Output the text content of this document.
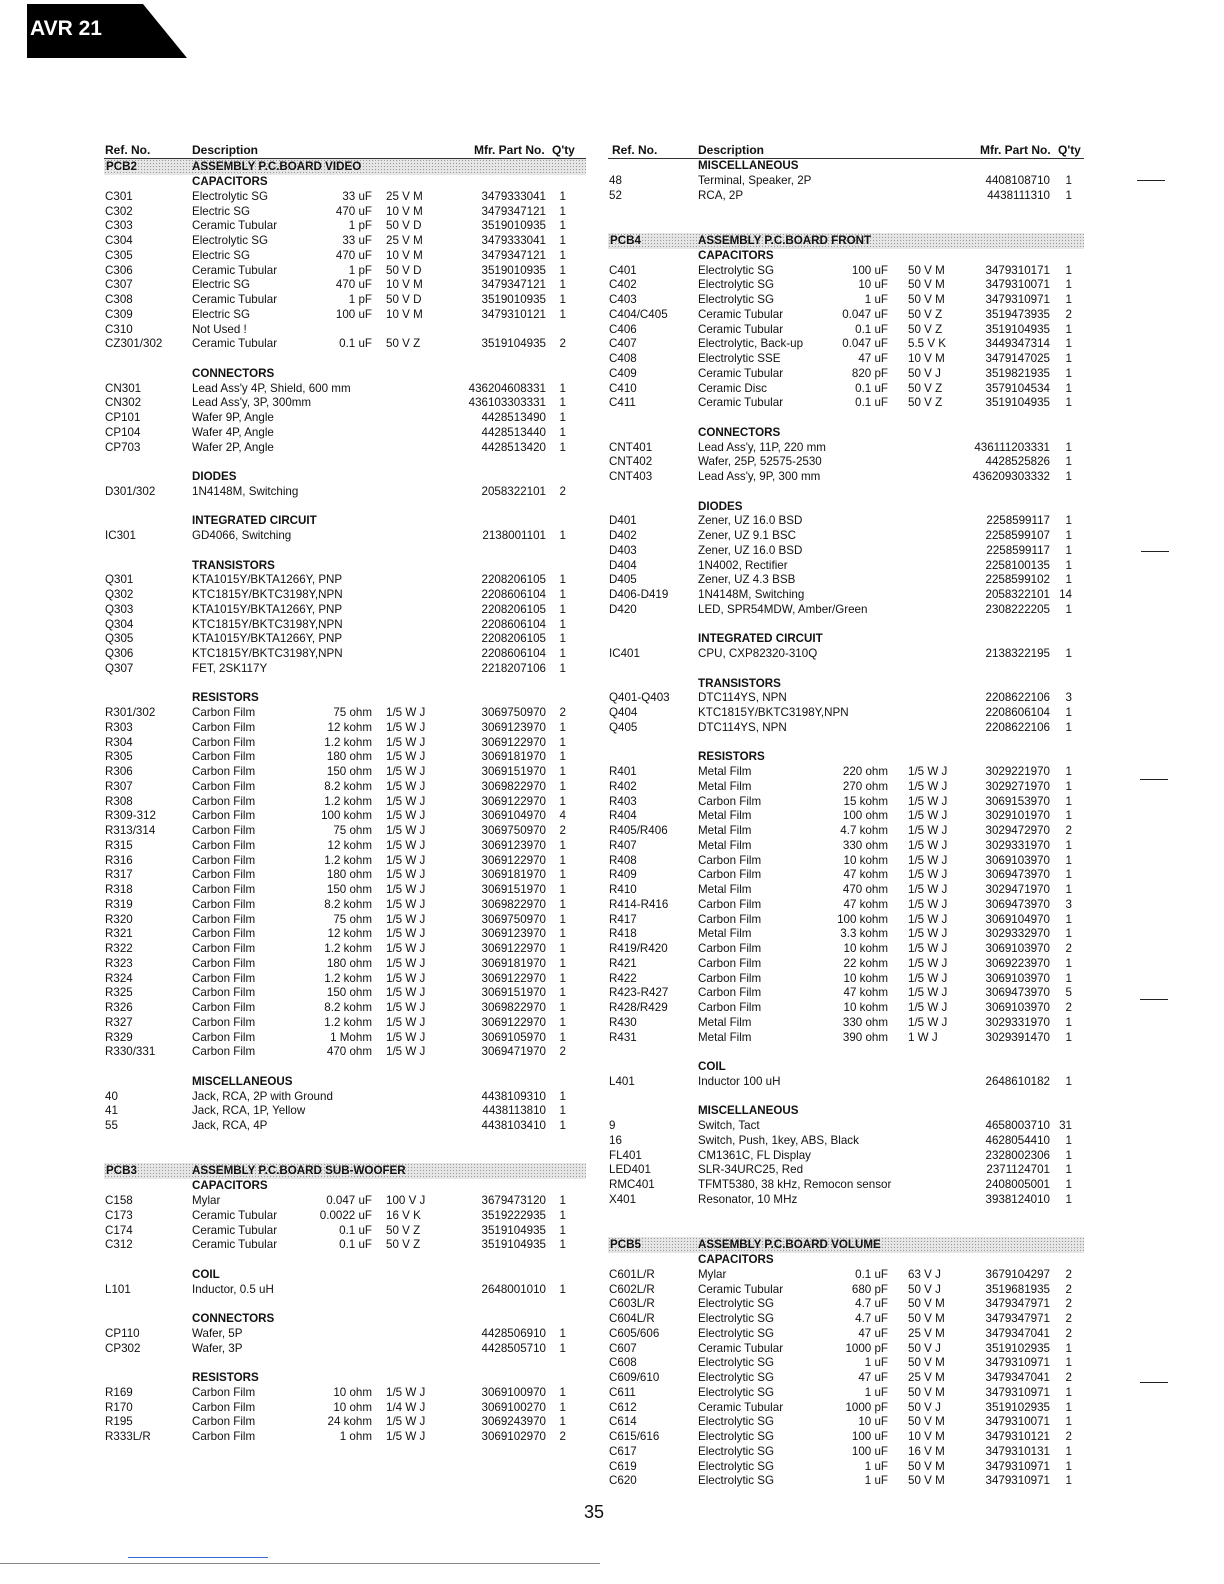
AVR 21
Ref. No.	Description	Mfr. Part No. Q'ty
PCB2	ASSEMBLY P.C.BOARD VIDEO
CAPACITORS
C301	Electrolytic SG	33 uF 25 V M	3479333041	1
C302	Electric SG	470 uF 10 V M	3479347121	1
C303	Ceramic Tubular	1 pF 50 V D	3519010935	1
C304	Electrolytic SG	33 uF 25 V M	3479333041	1
C305	Electric SG	470 uF 10 V M	3479347121	1
C306	Ceramic Tubular	1 pF 50 V D	3519010935	1
C307	Electric SG	470 uF 10 V M	3479347121	1
C308	Ceramic Tubular	1 pF 50 V D	3519010935	1
C309	Electric SG	100 uF 10 V M	3479310121	1
C310	Not Used !
CZ301/302	Ceramic Tubular	0.1 uF 50 V Z	3519104935	2
CONNECTORS
CN301	Lead Ass'y 4P, Shield, 600 mm	436204608331	1
CN302	Lead Ass'y, 3P, 300mm	436103303331	1
CP101	Wafer 9P, Angle	4428513490	1
CP104	Wafer 4P, Angle	4428513440	1
CP703	Wafer 2P, Angle	4428513420	1
DIODES
D301/302	1N4148M, Switching	2058322101	2
INTEGRATED CIRCUIT
IC301	GD4066, Switching	2138001101	1
TRANSISTORS
Q301	KTA1015Y/BKTA1266Y, PNP	2208206105	1
Q302	KTC1815Y/BKTC3198Y,NPN	2208606104	1
Q303	KTA1015Y/BKTA1266Y, PNP	2208206105	1
Q304	KTC1815Y/BKTC3198Y,NPN	2208606104	1
Q305	KTA1015Y/BKTA1266Y, PNP	2208206105	1
Q306	KTC1815Y/BKTC3198Y,NPN	2208606104	1
Q307	FET, 2SK117Y	2218207106	1
RESISTORS
R301/302	Carbon Film	75 ohm 1/5 W J	3069750970	2
R303	Carbon Film	12 kohm 1/5 W J	3069123970	1
R304	Carbon Film	1.2 kohm 1/5 W J	3069122970	1
R305	Carbon Film	180 ohm 1/5 W J	3069181970	1
R306	Carbon Film	150 ohm 1/5 W J	3069151970	1
R307	Carbon Film	8.2 kohm 1/5 W J	3069822970	1
R308	Carbon Film	1.2 kohm 1/5 W J	3069122970	1
R309-312	Carbon Film	100 kohm 1/5 W J	3069104970	4
R313/314	Carbon Film	75 ohm 1/5 W J	3069750970	2
R315	Carbon Film	12 kohm 1/5 W J	3069123970	1
R316	Carbon Film	1.2 kohm 1/5 W J	3069122970	1
R317	Carbon Film	180 ohm 1/5 W J	3069181970	1
R318	Carbon Film	150 ohm 1/5 W J	3069151970	1
R319	Carbon Film	8.2 kohm 1/5 W J	3069822970	1
R320	Carbon Film	75 ohm 1/5 W J	3069750970	1
R321	Carbon Film	12 kohm 1/5 W J	3069123970	1
R322	Carbon Film	1.2 kohm 1/5 W J	3069122970	1
R323	Carbon Film	180 ohm 1/5 W J	3069181970	1
R324	Carbon Film	1.2 kohm 1/5 W J	3069122970	1
R325	Carbon Film	150 ohm 1/5 W J	3069151970	1
R326	Carbon Film	8.2 kohm 1/5 W J	3069822970	1
R327	Carbon Film	1.2 kohm 1/5 W J	3069122970	1
R329	Carbon Film	1 Mohm 1/5 W J	3069105970	1
R330/331	Carbon Film	470 ohm 1/5 W J	3069471970	2
MISCELLANEOUS
40	Jack, RCA, 2P with Ground	4438109310	1
41	Jack, RCA, 1P, Yellow	4438113810	1
55	Jack, RCA, 4P	4438103410	1
PCB3	ASSEMBLY P.C.BOARD SUB-WOOFER
CAPACITORS
C158	Mylar	0.047 uF 100 V J	3679473120	1
C173	Ceramic Tubular	0.0022 uF 16 V K	3519222935	1
C174	Ceramic Tubular	0.1 uF 50 V Z	3519104935	1
C312	Ceramic Tubular	0.1 uF 50 V Z	3519104935	1
COIL
L101	Inductor, 0.5 uH	2648001010	1
CONNECTORS
CP110	Wafer, 5P	4428506910	1
CP302	Wafer, 3P	4428505710	1
RESISTORS
R169	Carbon Film	10 ohm 1/5 W J	3069100970	1
R170	Carbon Film	10 ohm 1/4 W J	3069100270	1
R195	Carbon Film	24 kohm 1/5 W J	3069243970	1
R333L/R	Carbon Film	1 ohm 1/5 W J	3069102970	2
Ref. No.	Description	Mfr. Part No. Q'ty
MISCELLANEOUS
48	Terminal, Speaker, 2P	4408108710	1
52	RCA, 2P	4438111310	1
PCB4	ASSEMBLY P.C.BOARD FRONT
CAPACITORS
C401	Electrolytic SG	100 uF 50 V M	3479310171	1
C402	Electrolytic SG	10 uF 50 V M	3479310071	1
C403	Electrolytic SG	1 uF 50 V M	3479310971	1
C404/C405	Ceramic Tubular	0.047 uF 50 V Z	3519473935	2
C406	Ceramic Tubular	0.1 uF 50 V Z	3519104935	1
C407	Electrolytic, Back-up	0.047 uF 5.5 V K	3449347314	1
C408	Electrolytic SSE	47 uF 10 V M	3479147025	1
C409	Ceramic Tubular	820 pF 50 V J	3519821935	1
C410	Ceramic Disc	0.1 uF 50 V Z	3579104534	1
C411	Ceramic Tubular	0.1 uF 50 V Z	3519104935	1
CONNECTORS
CNT401	Lead Ass'y, 11P, 220 mm	436111203331	1
CNT402	Wafer, 25P, 52575-2530	4428525826	1
CNT403	Lead Ass'y, 9P, 300 mm	436209303332	1
DIODES
D401	Zener, UZ 16.0 BSD	2258599117	1
D402	Zener, UZ 9.1 BSC	2258599107	1
D403	Zener, UZ 16.0 BSD	2258599117	1
D404	1N4002, Rectifier	2258100135	1
D405	Zener, UZ 4.3 BSB	2258599102	1
D406-D419	1N4148M, Switching	2058322101 14
D420	LED, SPR54MDW, Amber/Green	2308222205	1
INTEGRATED CIRCUIT
IC401	CPU, CXP82320-310Q	2138322195	1
TRANSISTORS
Q401-Q403 DTC114YS, NPN	2208622106	3
Q404	KTC1815Y/BKTC3198Y,NPN	2208606104	1
Q405	DTC114YS, NPN	2208622106	1
RESISTORS
R401	Metal Film	220 ohm 1/5 W J	3029221970	1
R402	Metal Film	270 ohm 1/5 W J	3029271970	1
R403	Carbon Film	15 kohm 1/5 W J	3069153970	1
R404	Metal Film	100 ohm 1/5 W J	3029101970	1
R405/R406	Metal Film	4.7 kohm 1/5 W J	3029472970	2
R407	Metal Film	330 ohm 1/5 W J	3029331970	1
R408	Carbon Film	10 kohm 1/5 W J	3069103970	1
R409	Carbon Film	47 kohm 1/5 W J	3069473970	1
R410	Metal Film	470 ohm 1/5 W J	3029471970	1
R414-R416	Carbon Film	47 kohm 1/5 W J	3069473970	3
R417	Carbon Film	100 kohm 1/5 W J	3069104970	1
R418	Metal Film	3.3 kohm 1/5 W J	3029332970	1
R419/R420	Carbon Film	10 kohm 1/5 W J	3069103970	2
R421	Carbon Film	22 kohm 1/5 W J	3069223970	1
R422	Carbon Film	10 kohm 1/5 W J	3069103970	1
R423-R427	Carbon Film	47 kohm 1/5 W J	3069473970	5
R428/R429	Carbon Film	10 kohm 1/5 W J	3069103970	2
R430	Metal Film	330 ohm 1/5 W J	3029331970	1
R431	Metal Film	390 ohm 1 W J	3029391470	1
COIL
L401	Inductor 100 uH	2648610182	1
MISCELLANEOUS
9	Switch, Tact	4658003710 31
16	Switch, Push, 1key, ABS, Black	4628054410	1
FL401	CM1361C, FL Display	2328002306	1
LED401	SLR-34URC25, Red	2371124701	1
RMC401	TFMT5380, 38 kHz, Remocon sensor	2408005001	1
X401	Resonator, 10 MHz	3938124010	1
PCB5	ASSEMBLY P.C.BOARD VOLUME
CAPACITORS
C601L/R	Mylar	0.1 uF 63 V J	3679104297	2
C602L/R	Ceramic Tubular	680 pF 50 V J	3519681935	2
C603L/R	Electrolytic SG	4.7 uF 50 V M	3479347971	2
C604L/R	Electrolytic SG	4.7 uF 50 V M	3479347971	2
C605/606	Electrolytic SG	47 uF 25 V M	3479347041	2
C607	Ceramic Tubular	1000 pF 50 V J	3519102935	1
C608	Electrolytic SG	1 uF 50 V M	3479310971	1
C609/610	Electrolytic SG	47 uF 25 V M	3479347041	2
C611	Electrolytic SG	1 uF 50 V M	3479310971	1
C612	Ceramic Tubular	1000 pF 50 V J	3519102935	1
C614	Electrolytic SG	10 uF 50 V M	3479310071	1
C615/616	Electrolytic SG	100 uF 10 V M	3479310121	2
C617	Electrolytic SG	100 uF 16 V M	3479310131	1
C619	Electrolytic SG	1 uF 50 V M	3479310971	1
C620	Electrolytic SG	1 uF 50 V M	3479310971	1
35
